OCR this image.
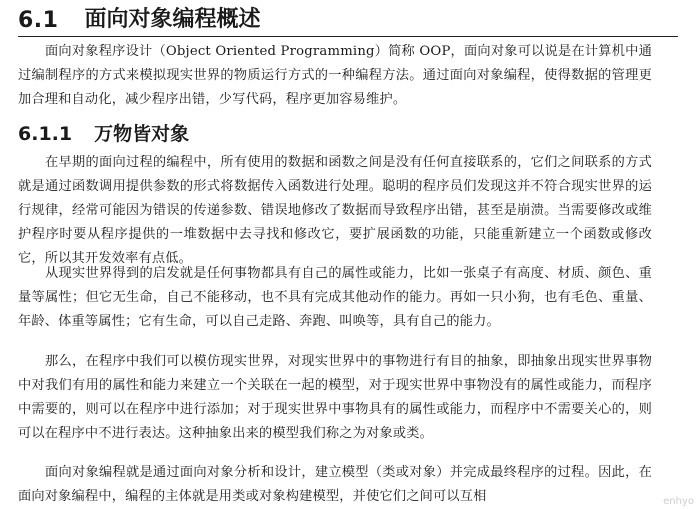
6.1 面向对象编程概述

面向对象程序设计（Object Oriented Programming）简称 OOP，面向对象可以说是在计算机中通过编制程序的方式来模拟现实世界的物质运行方式的一种编程方法。通过面向对象编程，使得数据的管理更加合理和自动化，减少程序出错，少写代码，程序更加容易维护。

6.1.1 万物皆对象

在早期的面向过程的编程中，所有使用的数据和函数之间是没有任何直接联系的，它们之间联系的方式就是通过函数调用提供参数的形式将数据传入函数进行处理。聪明的程序员们发现这并不符合现实世界的运行规律，经常可能因为错误的传递参数、错误地修改了数据而导致程序出错，甚至是崩溃。当需要修改或维护程序时要从程序提供的一堆数据中去寻找和修改它，要扩展函数的功能，只能重新建立一个函数或修改它，所以其开发效率有点低。

从现实世界得到的启发就是任何事物都具有自己的属性或能力，比如一张桌子有高度、材质、颜色、重量等属性；但它无生命，自己不能移动，也不具有完成其他动作的能力。再如一只小狗，也有毛色、重量、年龄、体重等属性；它有生命，可以自己走路、奔跑、叫唤等，具有自己的能力。

那么，在程序中我们可以模仿现实世界，对现实世界中的事物进行有目的抽象，即抽象出现实世界事物中对我们有用的属性和能力来建立一个关联在一起的模型，对于现实世界中事物没有的属性或能力，而程序中需要的，则可以在程序中进行添加；对于现实世界中事物具有的属性或能力，而程序中不需要关心的，则可以在程序中不进行表达。这种抽象出来的模型我们称之为对象或类。

面向对象编程就是通过面向对象分析和设计，建立模型（类或对象）并完成最终程序的过程。因此，在面向对象编程中，编程的主体就是用类或对象构建模型，并使它们之间可以互相	enhyo
